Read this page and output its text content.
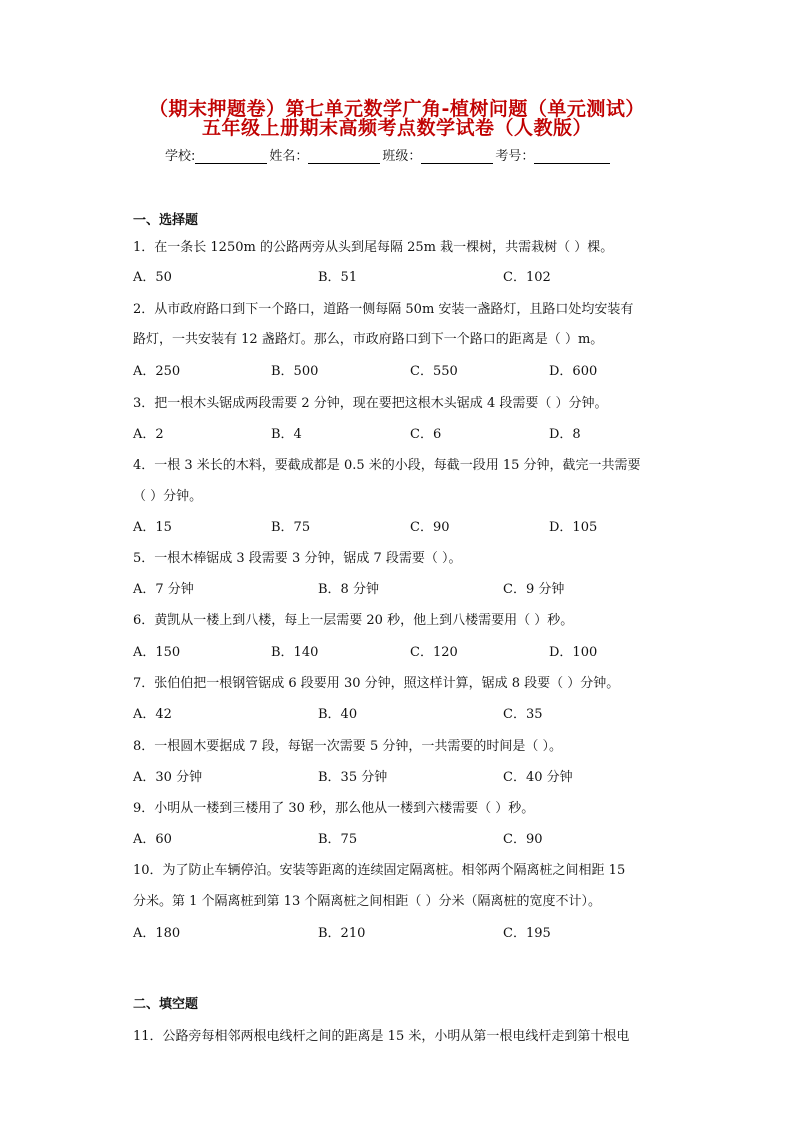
（期末押题卷）第七单元数学广角-植树问题（单元测试）
五年级上册期末高频考点数学试卷（人教版）
学校:	姓名：	班级：	考号：
一、选择题
1．在一条长 1250m 的公路两旁从头到尾每隔 25m 栽一棵树，共需栽树（ ）棵。
A．50	B．51	C．102
2．从市政府路口到下一个路口，道路一侧每隔 50m 安装一盏路灯，且路口处均安装有
路灯，一共安装有 12 盏路灯。那么，市政府路口到下一个路口的距离是（ ）m。
A．250	B．500	C．550	D．600
3．把一根木头锯成两段需要 2 分钟，现在要把这根木头锯成 4 段需要（ ）分钟。
A．2	B．4	C．6	D．8
4．一根 3 米长的木料，要截成都是 0.5 米的小段，每截一段用 15 分钟，截完一共需要
（ ）分钟。
A．15	B．75	C．90	D．105
5．一根木棒锯成 3 段需要 3 分钟，锯成 7 段需要（ ）。
A．7 分钟	B．8 分钟	C．9 分钟
6．黄凯从一楼上到八楼，每上一层需要 20 秒，他上到八楼需要用（ ）秒。
A．150	B．140	C．120	D．100
7．张伯伯把一根钢管锯成 6 段要用 30 分钟，照这样计算，锯成 8 段要（ ）分钟。
A．42	B．40	C．35
8．一根圆木要据成 7 段，每锯一次需要 5 分钟，一共需要的时间是（ ）。
A．30 分钟	B．35 分钟	C．40 分钟
9．小明从一楼到三楼用了 30 秒，那么他从一楼到六楼需要（ ）秒。
A．60	B．75	C．90
10．为了防止车辆停泊。安装等距离的连续固定隔离桩。相邻两个隔离桩之间相距 15
分米。第 1 个隔离桩到第 13 个隔离桩之间相距（ ）分米（隔离桩的宽度不计）。
A．180	B．210	C．195
二、填空题
11．公路旁每相邻两根电线杆之间的距离是 15 米，小明从第一根电线杆走到第十根电
